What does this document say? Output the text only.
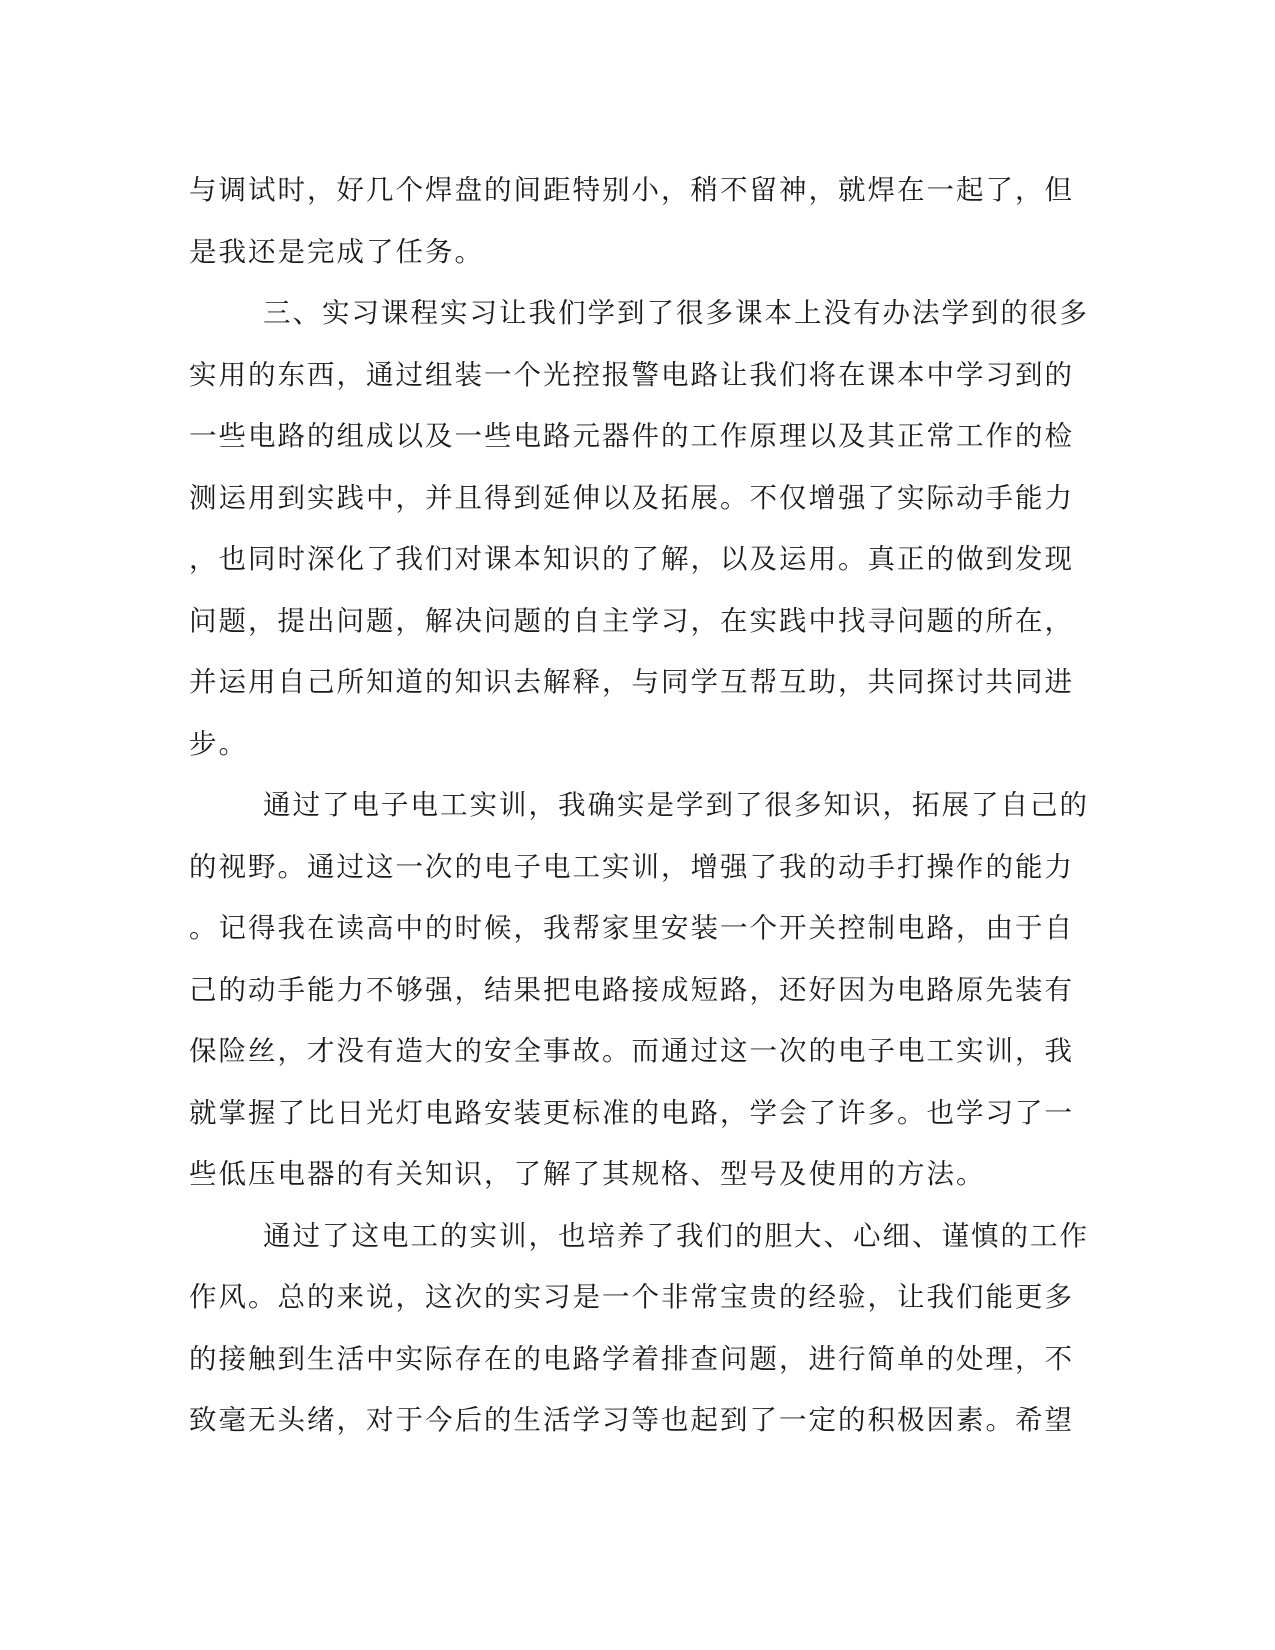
与调试时，好几个焊盘的间距特别小，稍不留神，就焊在一起了，但
是我还是完成了任务。
三、实习课程实习让我们学到了很多课本上没有办法学到的很多
实用的东西，通过组装一个光控报警电路让我们将在课本中学习到的
一些电路的组成以及一些电路元器件的工作原理以及其正常工作的检
测运用到实践中，并且得到延伸以及拓展。不仅增强了实际动手能力
，也同时深化了我们对课本知识的了解，以及运用。真正的做到发现
问题，提出问题，解决问题的自主学习，在实践中找寻问题的所在，
并运用自己所知道的知识去解释，与同学互帮互助，共同探讨共同进
步。
通过了电子电工实训，我确实是学到了很多知识，拓展了自己的
的视野。通过这一次的电子电工实训，增强了我的动手打操作的能力
。记得我在读高中的时候，我帮家里安装一个开关控制电路，由于自
己的动手能力不够强，结果把电路接成短路，还好因为电路原先装有
保险丝，才没有造大的安全事故。而通过这一次的电子电工实训，我
就掌握了比日光灯电路安装更标准的电路，学会了许多。也学习了一
些低压电器的有关知识，了解了其规格、型号及使用的方法。
通过了这电工的实训，也培养了我们的胆大、心细、谨慎的工作
作风。总的来说，这次的实习是一个非常宝贵的经验，让我们能更多
的接触到生活中实际存在的电路学着排查问题，进行简单的处理，不
致毫无头绪，对于今后的生活学习等也起到了一定的积极因素。希望
